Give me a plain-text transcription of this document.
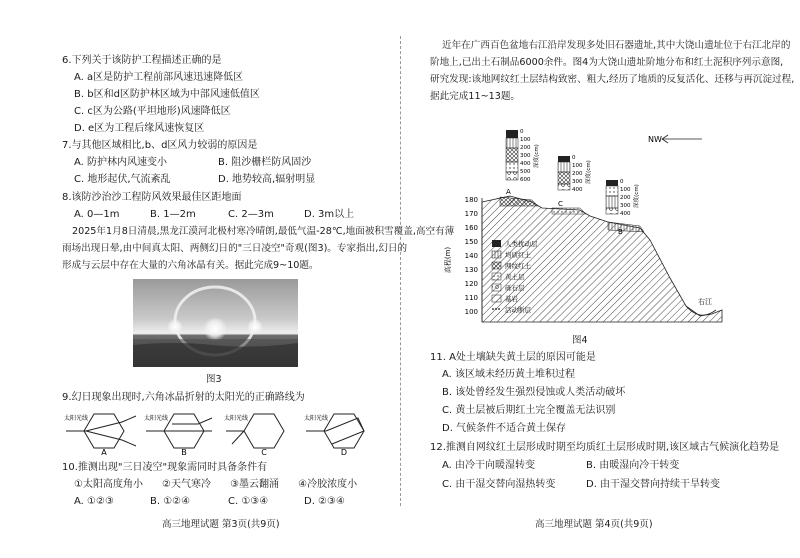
6.下列关于该防护工程描述正确的是
A. a区是防护工程前部风速迅速降低区
B. b区和d区防护林区域为中部风速低值区
C. c区为公路(平坦地形)风速降低区
D. e区为工程后缘风速恢复区
7.与其他区域相比,b、d区风力较弱的原因是
A. 防护林内风速变小	B. 阻沙栅栏防风固沙
C. 地形起伏,气流紊乱	D. 地势较高,辐射明显
8.该防沙治沙工程防风效果最佳区距地面
A. 0—1m	B. 1—2m	C. 2—3m	D. 3m以上
2025年1月8日清晨,黑龙江漠河北极村寒冷晴朗,最低气温-28℃,地面被积雪覆盖,高空有薄
雨场出现日晕,由中间真太阳、两侧幻日的"三日凌空"奇观(图3)。专家指出,幻日的
形成与云层中存在大量的六角冰晶有关。据此完成9~10题。
图3
9.幻日现象出现时,六角冰晶折射的太阳光的正确路线为
A
太阳光线
B
太阳光线
C
太阳光线
D
太阳光线
10.推测出现"三日凌空"现象需同时具备条件有
①太阳高度角小      ②天气寒冷      ③墨云翻涌      ④冷胶浓度小
A. ①②③	B. ①②④	C. ①③④	D. ②③④
高三地理试题 第3页(共9页)
近年在广西百色盆地右江沿岸发现多处旧石器遗址,其中大饶山遗址位于右江北岸的
阶地上,已出土石制品6000余件。图4为大饶山遗址阶地分布和红土泥积序列示意图,
研究发现:该地网纹红土层结构致密、粗大,经历了地质的反复活化、还移与再沉淀过程,
据此完成11~13题。
NW
180
170
160
150
140
130
120
110
100
高程(m)
A
C
B
右江
0
100
200
300
400
500
600
深度(cm)	0
100
200
300
400
深度(cm)	0
100
200
300
400
深度(cm)
人类扰动层
均质红土
网纹红土
黄土层
砾石层
基岩
活动断层
图4
11. A处土壤缺失黄土层的原因可能是
A. 该区域未经历黄土堆积过程
B. 该处曾经发生强烈侵蚀或人类活动破坏
C. 黄土层被后期红土完全覆盖无法识别
D. 气候条件不适合黄土保存
12.推测自网纹红土层形成时期至均质红土层形成时期,该区域古气候演化趋势是
A. 由冷干向暖湿转变	B. 由暖湿向冷干转变
C. 由干湿交替向湿热转变	D. 由干湿交替向持续干旱转变
高三地理试题 第4页(共9页)
